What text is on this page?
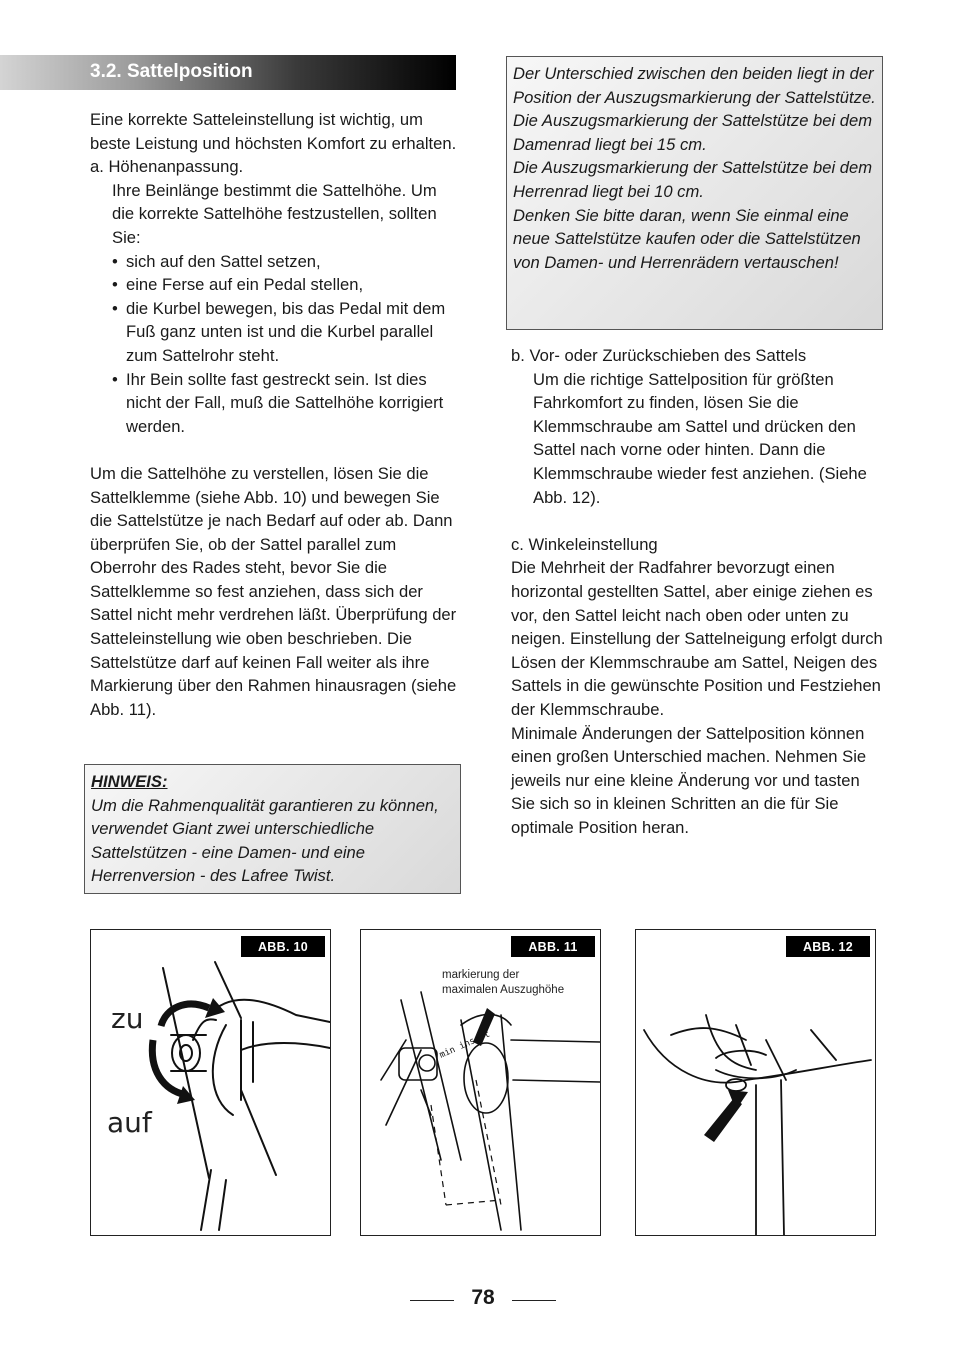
3.2. Sattelposition

Eine korrekte Satteleinstellung ist wichtig, um beste Leistung und höchsten Komfort zu erhalten.

a. Höhenanpassung.

Ihre Beinlänge bestimmt die Sattelhöhe. Um die korrekte Sattelhöhe festzustellen, sollten Sie:

• sich auf den Sattel setzen,
• eine Ferse auf ein Pedal stellen,
• die Kurbel bewegen, bis das Pedal mit dem Fuß ganz unten ist und die Kurbel parallel zum Sattelrohr steht.
• Ihr Bein sollte fast gestreckt sein. Ist dies nicht der Fall, muß die Sattelhöhe korrigiert werden.

Um die Sattelhöhe zu verstellen, lösen Sie die Sattelklemme (siehe Abb. 10) und bewegen Sie die Sattelstütze je nach Bedarf auf oder ab. Dann überprüfen Sie, ob der Sattel parallel zum Oberrohr des Rades steht, bevor Sie die Sattelklemme so fest anziehen, dass sich der Sattel nicht mehr verdrehen läßt. Überprüfung der Satteleinstellung wie oben beschrieben. Die Sattelstütze darf auf keinen Fall weiter als ihre Markierung über den Rahmen hinausragen (siehe Abb. 11).

HINWEIS:

Um die Rahmenqualität garantieren zu können, verwendet Giant zwei unterschiedliche Sattelstützen - eine Damen- und eine Herrenversion - des Lafree Twist.

Der Unterschied zwischen den beiden liegt in der Position der Auszugsmarkierung der Sattelstütze.

Die Auszugsmarkierung der Sattelstütze bei dem Damenrad liegt bei 15 cm.

Die Auszugsmarkierung der Sattelstütze bei dem Herrenrad liegt bei 10 cm.

Denken Sie bitte daran, wenn Sie einmal eine neue Sattelstütze kaufen oder die Sattelstützen von Damen- und Herrenrädern vertauschen!

b. Vor- oder Zurückschieben des Sattels

Um die richtige Sattelposition für größten Fahrkomfort zu finden, lösen Sie die Klemmschraube am Sattel und drücken den Sattel nach vorne oder hinten. Dann die Klemmschraube wieder fest anziehen. (Siehe Abb. 12).

c. Winkeleinstellung

Die Mehrheit der Radfahrer bevorzugt einen horizontal gestellten Sattel, aber einige ziehen es vor, den Sattel leicht nach oben oder unten zu neigen. Einstellung der Sattelneigung erfolgt durch Lösen der Klemmschraube am Sattel, Neigen des Sattels in die gewünschte Position und Festziehen der Klemmschraube.

Minimale Änderungen der Sattelposition können einen großen Unterschied machen. Nehmen Sie jeweils nur eine kleine Änderung vor und tasten Sie sich so in kleinen Schritten an die für Sie optimale Position heran.

zu
auf
ABB. 10
min insert
markierung der
maximalen Auszughöhe
ABB. 11	ABB. 12
78
